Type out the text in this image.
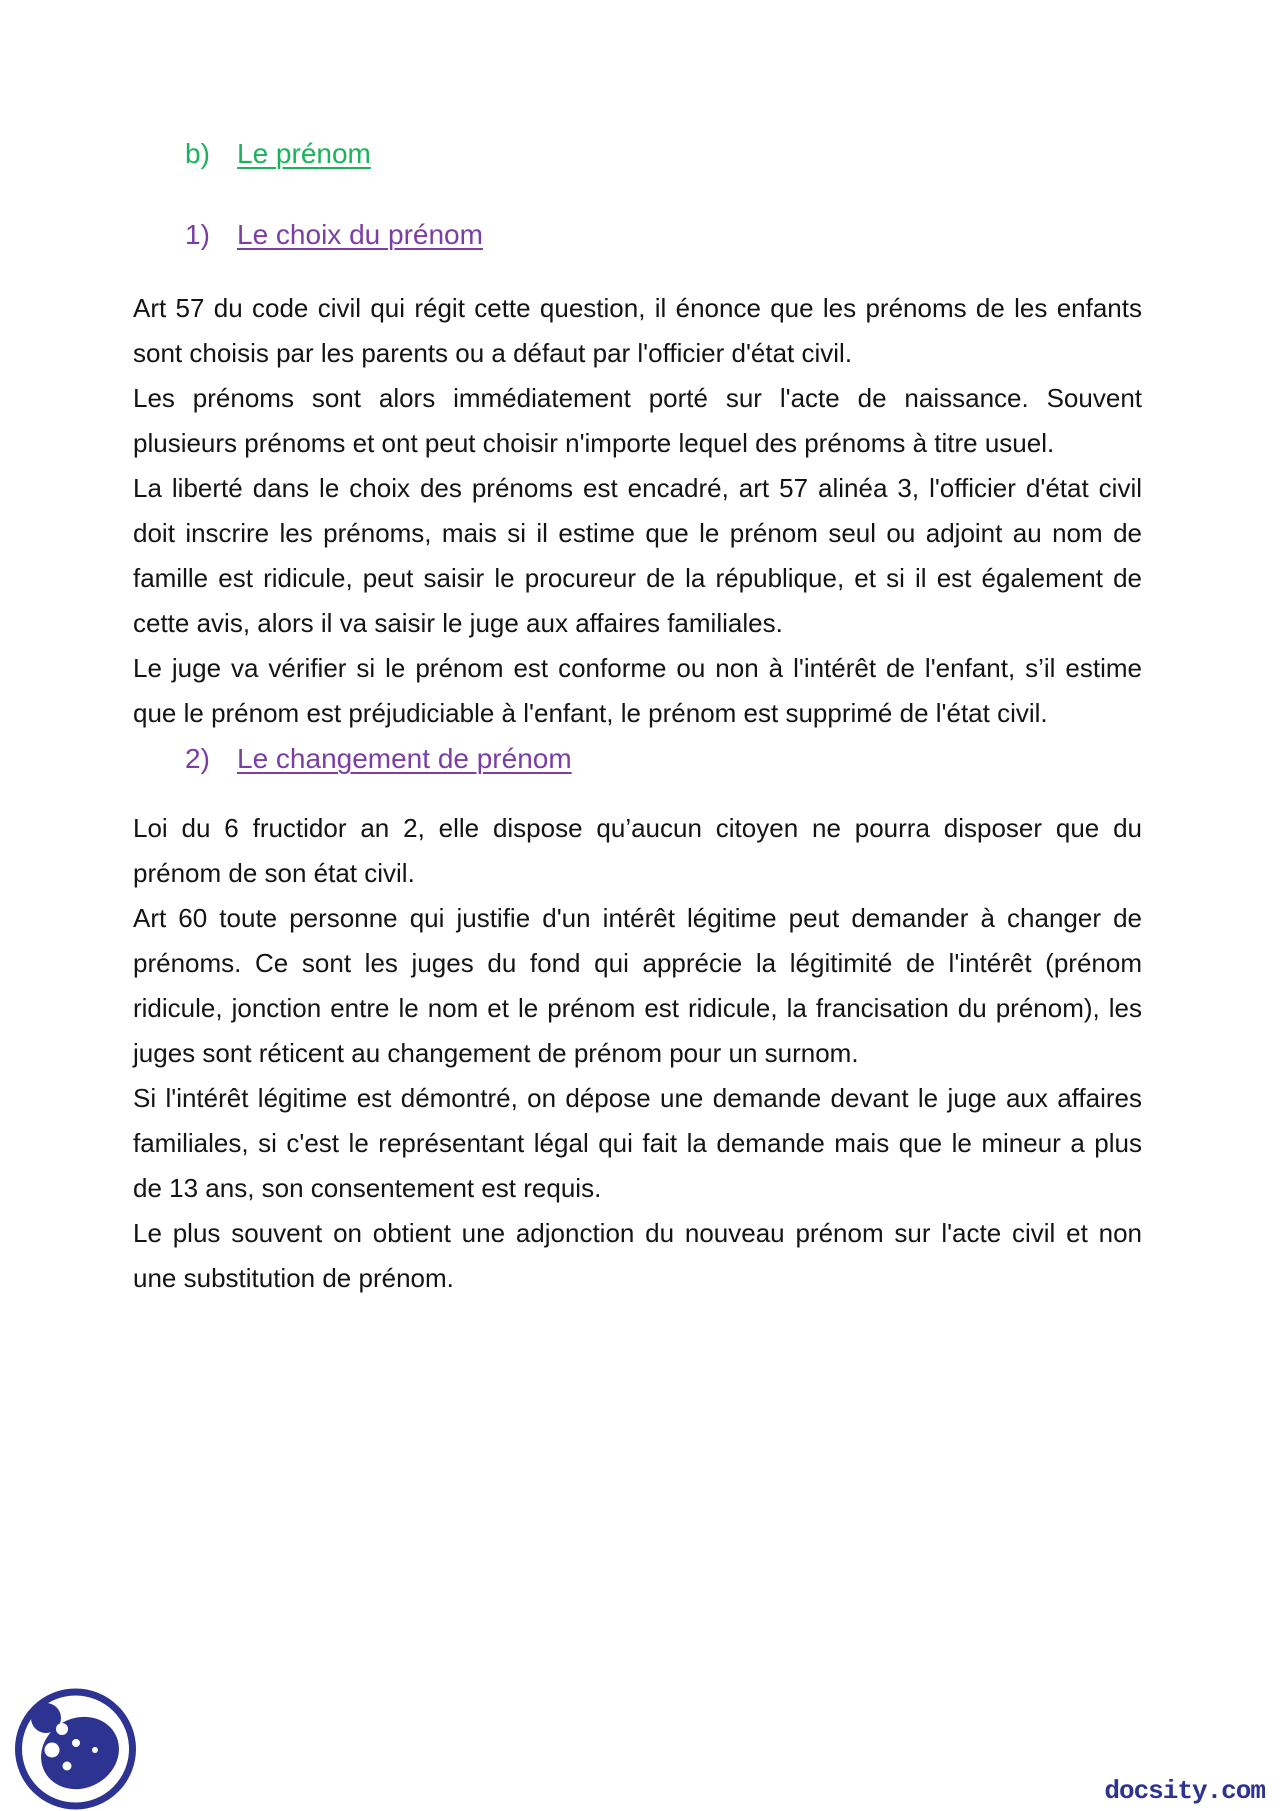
b) Le prénom
1) Le choix du prénom

Art 57 du code civil qui régit cette question, il énonce que les prénoms de les enfants sont choisis par les parents ou a défaut par l'officier d'état civil.

Les prénoms sont alors immédiatement porté sur l'acte de naissance. Souvent plusieurs prénoms et ont peut choisir n'importe lequel des prénoms à titre usuel.

La liberté dans le choix des prénoms est encadré, art 57 alinéa 3, l'officier d'état civil doit inscrire les prénoms, mais si il estime que le prénom seul ou adjoint au nom de famille est ridicule, peut saisir le procureur de la république, et si il est également de cette avis, alors il va saisir le juge aux affaires familiales.

Le juge va vérifier si le prénom est conforme ou non à l'intérêt de l'enfant, s’il estime que le prénom est préjudiciable à l'enfant, le prénom est supprimé de l'état civil.

2) Le changement de prénom

Loi du 6 fructidor an 2, elle dispose qu’aucun citoyen ne pourra disposer que du prénom de son état civil.

Art 60 toute personne qui justifie d'un intérêt légitime peut demander à changer de prénoms. Ce sont les juges du fond qui apprécie la légitimité de l'intérêt (prénom ridicule, jonction entre le nom et le prénom est ridicule, la francisation du prénom), les juges sont réticent au changement de prénom pour un surnom.

Si l'intérêt légitime est démontré, on dépose une demande devant le juge aux affaires familiales, si c'est le représentant légal qui fait la demande mais que le mineur a plus de 13 ans, son consentement est requis.

Le plus souvent on obtient une adjonction du nouveau prénom sur l'acte civil et non une substitution de prénom.

docsity.com
